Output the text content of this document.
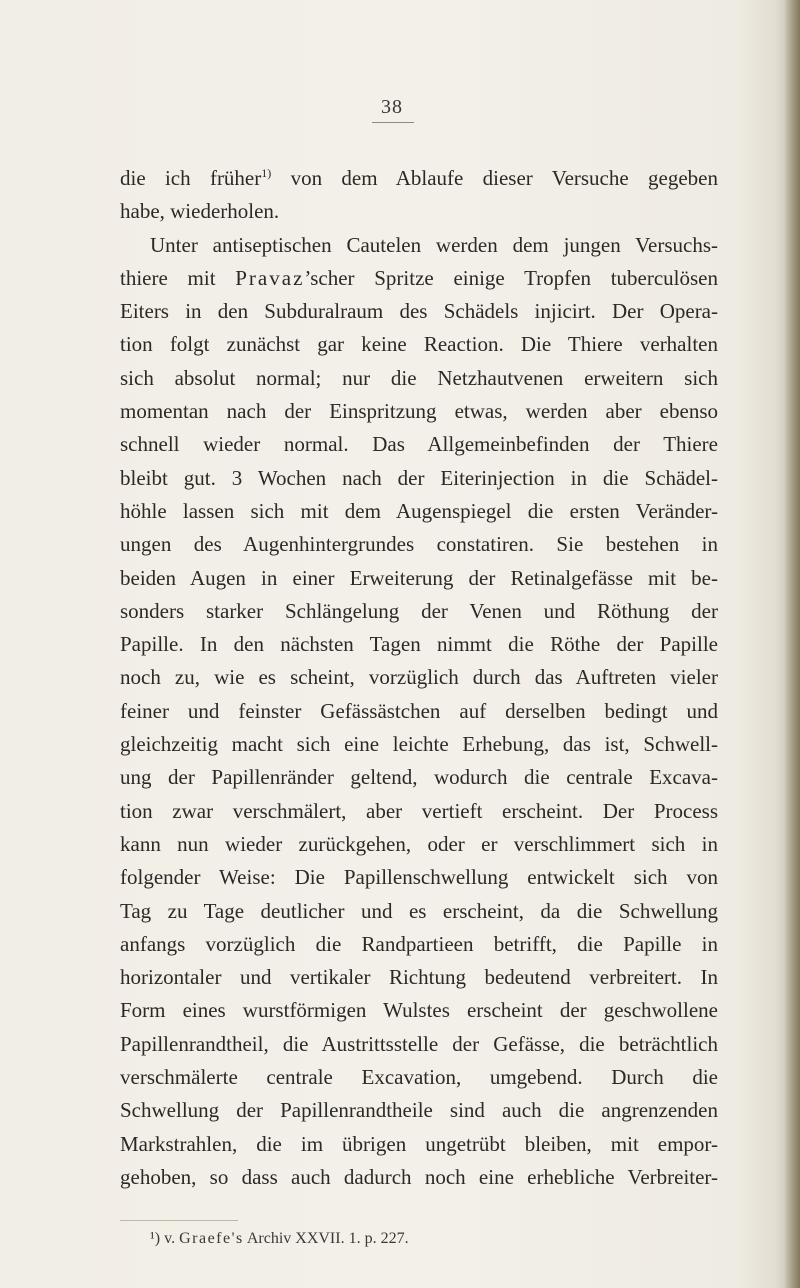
38
die ich früher$^{1)}$ von dem Ablaufe dieser Versuche gegeben
habe, wiederholen.
Unter antiseptischen Cautelen werden dem jungen Versuchs-
thiere mit Pravaz’scher Spritze einige Tropfen tuberculösen
Eiters in den Subduralraum des Schädels injicirt. Der Opera-
tion folgt zunächst gar keine Reaction. Die Thiere verhalten
sich absolut normal; nur die Netzhautvenen erweitern sich
momentan nach der Einspritzung etwas, werden aber ebenso
schnell wieder normal. Das Allgemeinbefinden der Thiere
bleibt gut. 3 Wochen nach der Eiterinjection in die Schädel-
höhle lassen sich mit dem Augenspiegel die ersten Veränder-
ungen des Augenhintergrundes constatiren. Sie bestehen in
beiden Augen in einer Erweiterung der Retinalgefässe mit be-
sonders starker Schlängelung der Venen und Röthung der
Papille. In den nächsten Tagen nimmt die Röthe der Papille
noch zu, wie es scheint, vorzüglich durch das Auftreten vieler
feiner und feinster Gefässästchen auf derselben bedingt und
gleichzeitig macht sich eine leichte Erhebung, das ist, Schwell-
ung der Papillenränder geltend, wodurch die centrale Excava-
tion zwar verschmälert, aber vertieft erscheint. Der Process
kann nun wieder zurückgehen, oder er verschlimmert sich in
folgender Weise: Die Papillenschwellung entwickelt sich von
Tag zu Tage deutlicher und es erscheint, da die Schwellung
anfangs vorzüglich die Randpartieen betrifft, die Papille in
horizontaler und vertikaler Richtung bedeutend verbreitert. In
Form eines wurstförmigen Wulstes erscheint der geschwollene
Papillenrandtheil, die Austrittsstelle der Gefässe, die beträchtlich
verschmälerte centrale Excavation, umgebend. Durch die
Schwellung der Papillenrandtheile sind auch die angrenzenden
Markstrahlen, die im übrigen ungetrübt bleiben, mit empor-
gehoben, so dass auch dadurch noch eine erhebliche Verbreiter-
¹) v. Graefe's Archiv XXVII. 1. p. 227.
